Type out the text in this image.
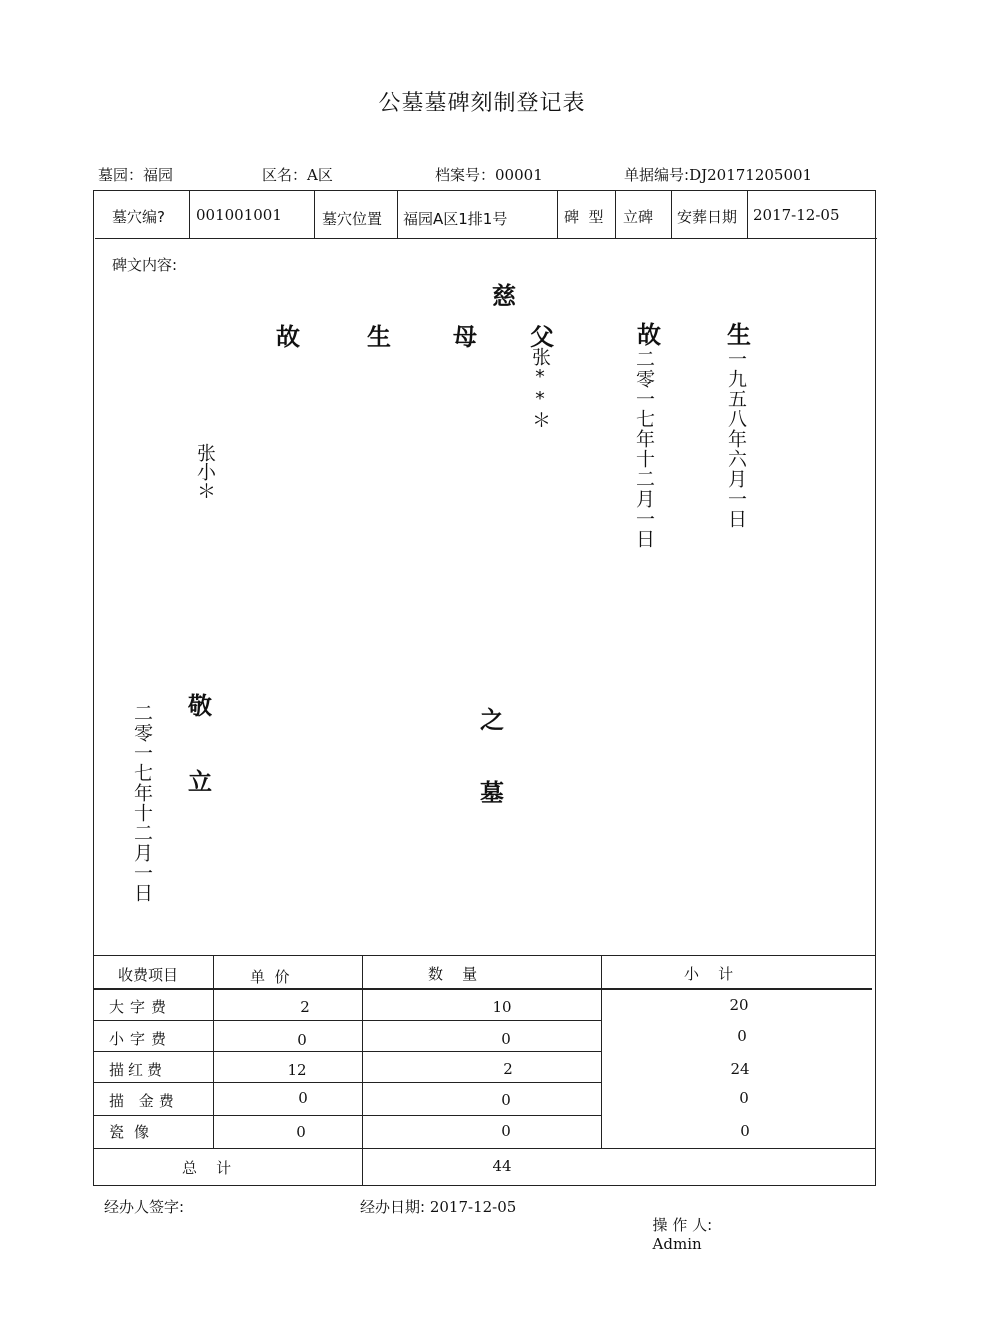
公墓墓碑刻制登记表
墓园：福园	区名：A区	档案号：00001	单据编号:DJ20171205001
墓穴编? 001001001	墓穴位置 福园A区1排1号	碑  型 立碑 安葬日期 2017-12-05
碑文内容:
慈
故	生	母 父	故	生
张**＊	二零一七年十二月一日	一九五八年六月一日
张小＊
敬
立
之
墓
二零一七年十二月一日
收费项目	单  价	数    量	小    计
大字费	2	10	20
小字费	0	0	0
描红费	12	2	24
描 金费	0	0	0
瓷像	0	0	0
总    计	44
经办人签字:	经办日期: 2017-12-05

操 作 人:
Admin
